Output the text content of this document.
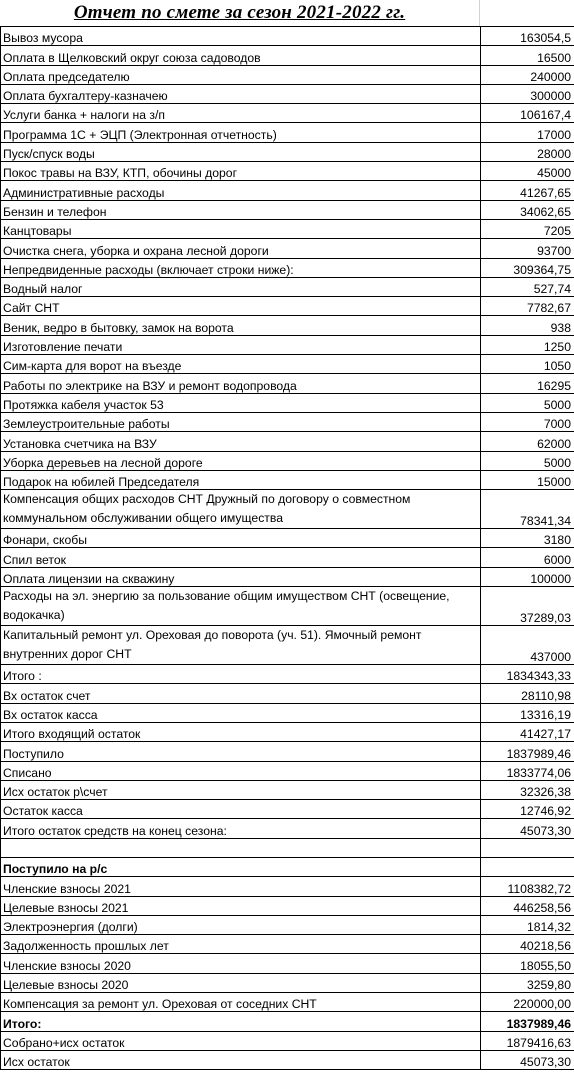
Отчет по смете за сезон 2021-2022 гг.
Вывоз мусора	163054,5
Оплата в Щелковский округ союза садоводов	16500
Оплата председателю	240000
Оплата бухгалтеру-казначею	300000
Услуги банка + налоги на з/п	106167,4
Программа 1С + ЭЦП (Электронная отчетность)	17000
Пуск/спуск воды	28000
Покос травы на ВЗУ, КТП, обочины дорог	45000
Административные расходы	41267,65
Бензин и телефон	34062,65
Канцтовары	7205
Очистка снега, уборка и охрана лесной дороги	93700
Непредвиденные расходы (включает строки ниже):	309364,75
Водный налог	527,74
Сайт СНТ	7782,67
Веник, ведро в бытовку, замок на ворота	938
Изготовление печати	1250
Сим-карта для ворот на въезде	1050
Работы по электрике на ВЗУ и ремонт водопровода	16295
Протяжка кабеля участок 53	5000
Землеустроительные работы	7000
Установка счетчика на ВЗУ	62000
Уборка деревьев на лесной дороге	5000
Подарок на юбилей Председателя	15000
Компенсация общих расходов СНТ Дружный по договору о совместном коммунальном обслуживании общего имущества	78341,34
Фонари, скобы	3180
Спил веток	6000
Оплата лицензии на скважину	100000
Расходы на эл. энергию за пользование общим имуществом СНТ (освещение, водокачка)	37289,03
Капитальный ремонт ул. Ореховая до поворота (уч. 51). Ямочный ремонт внутренних дорог СНТ	437000
Итого :	1834343,33
Вх остаток счет	28110,98
Вх остаток касса	13316,19
Итого входящий остаток	41427,17
Поступило	1837989,46
Списано	1833774,06
Исх остаток р\счет	32326,38
Остаток касса	12746,92
Итого остаток средств на конец сезона:	45073,30

Поступило на р/с	
Членские взносы 2021	1108382,72
Целевые взносы 2021	446258,56
Электроэнергия (долги)	1814,32
Задолженность прошлых лет	40218,56
Членские взносы 2020	18055,50
Целевые взносы 2020	3259,80
Компенсация за ремонт ул. Ореховая от соседних СНТ	220000,00
Итого:	1837989,46
Собрано+исх остаток	1879416,63
Исх остаток	45073,30
